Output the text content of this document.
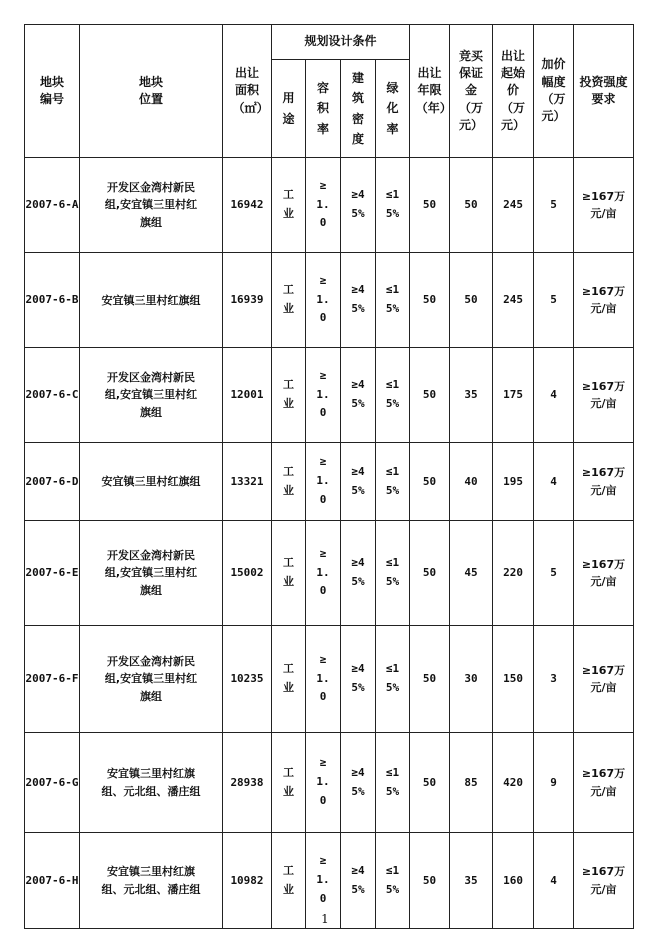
地块编号	地块位置	出让面积（㎡）	规划设计条件				出让年限（年）	竞买保证金（万元）	出让起始价（万元）	加价幅度（万元）	投资强度要求
			用途	容积率	建筑密度	绿化率					
2007-6-A	开发区金湾村新民组,安宜镇三里村红旗组	16942	工业	≥1.0	≥45%	≤15%	50	50	245	5	≥167万元/亩
2007-6-B	安宜镇三里村红旗组	16939	工业	≥1.0	≥45%	≤15%	50	50	245	5	≥167万元/亩
2007-6-C	开发区金湾村新民组,安宜镇三里村红旗组	12001	工业	≥1.0	≥45%	≤15%	50	35	175	4	≥167万元/亩
2007-6-D	安宜镇三里村红旗组	13321	工业	≥1.0	≥45%	≤15%	50	40	195	4	≥167万元/亩
2007-6-E	开发区金湾村新民组,安宜镇三里村红旗组	15002	工业	≥1.0	≥45%	≤15%	50	45	220	5	≥167万元/亩
2007-6-F	开发区金湾村新民组,安宜镇三里村红旗组	10235	工业	≥1.0	≥45%	≤15%	50	30	150	3	≥167万元/亩
2007-6-G	安宜镇三里村红旗组、元北组、潘庄组	28938	工业	≥1.0	≥45%	≤15%	50	85	420	9	≥167万元/亩
2007-6-H	安宜镇三里村红旗组、元北组、潘庄组	10982	工业	≥1.0	≥45%	≤15%	50	35	160	4	≥167万元/亩
1
